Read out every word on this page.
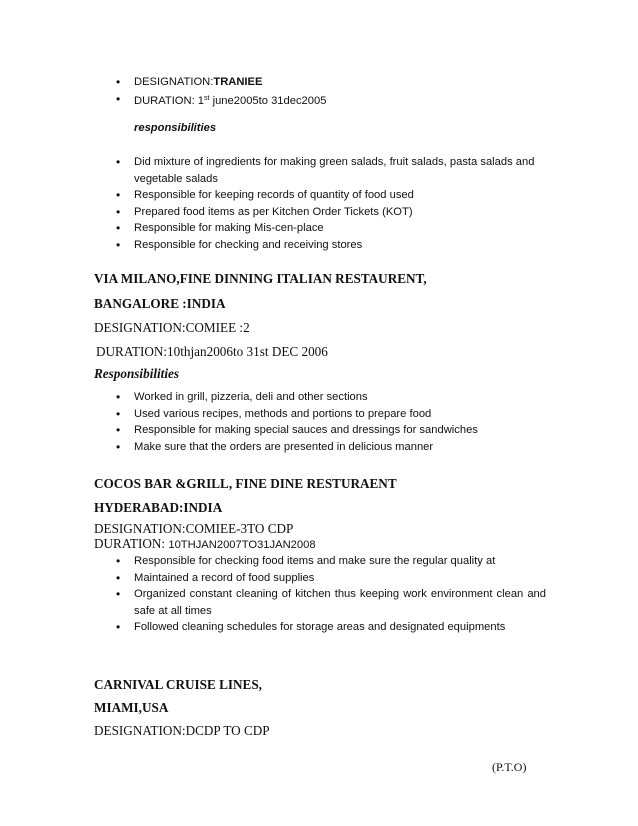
• DESIGNATION:TRANIEE
• DURATION: 1st june2005to 31dec2005
responsibilities
• Did mixture of ingredients for making green salads, fruit salads, pasta salads and vegetable salads
• Responsible for keeping records of quantity of food used
• Prepared food items as per Kitchen Order Tickets (KOT)
• Responsible for making Mis-cen-place
• Responsible for checking and receiving stores
VIA MILANO,FINE DINNING ITALIAN RESTAURENT,
BANGALORE :INDIA
DESIGNATION:COMIEE :2
DURATION:10thjan2006to 31st DEC 2006
Responsibilities
• Worked in grill, pizzeria, deli and other sections
• Used various recipes, methods and portions to prepare food
• Responsible for making special sauces and dressings for sandwiches
• Make sure that the orders are presented in delicious manner
COCOS BAR &GRILL, FINE DINE RESTURAENT
HYDERABAD:INDIA
DESIGNATION:COMIEE-3TO CDP
DURATION: 10THJAN2007TO31JAN2008
• Responsible for checking food items and make sure the regular quality at
• Maintained a record of food supplies
• Organized constant cleaning of kitchen thus keeping work environment clean and safe at all times
• Followed cleaning schedules for storage areas and designated equipments
CARNIVAL CRUISE LINES,
MIAMI,USA
DESIGNATION:DCDP TO CDP
(P.T.O)
